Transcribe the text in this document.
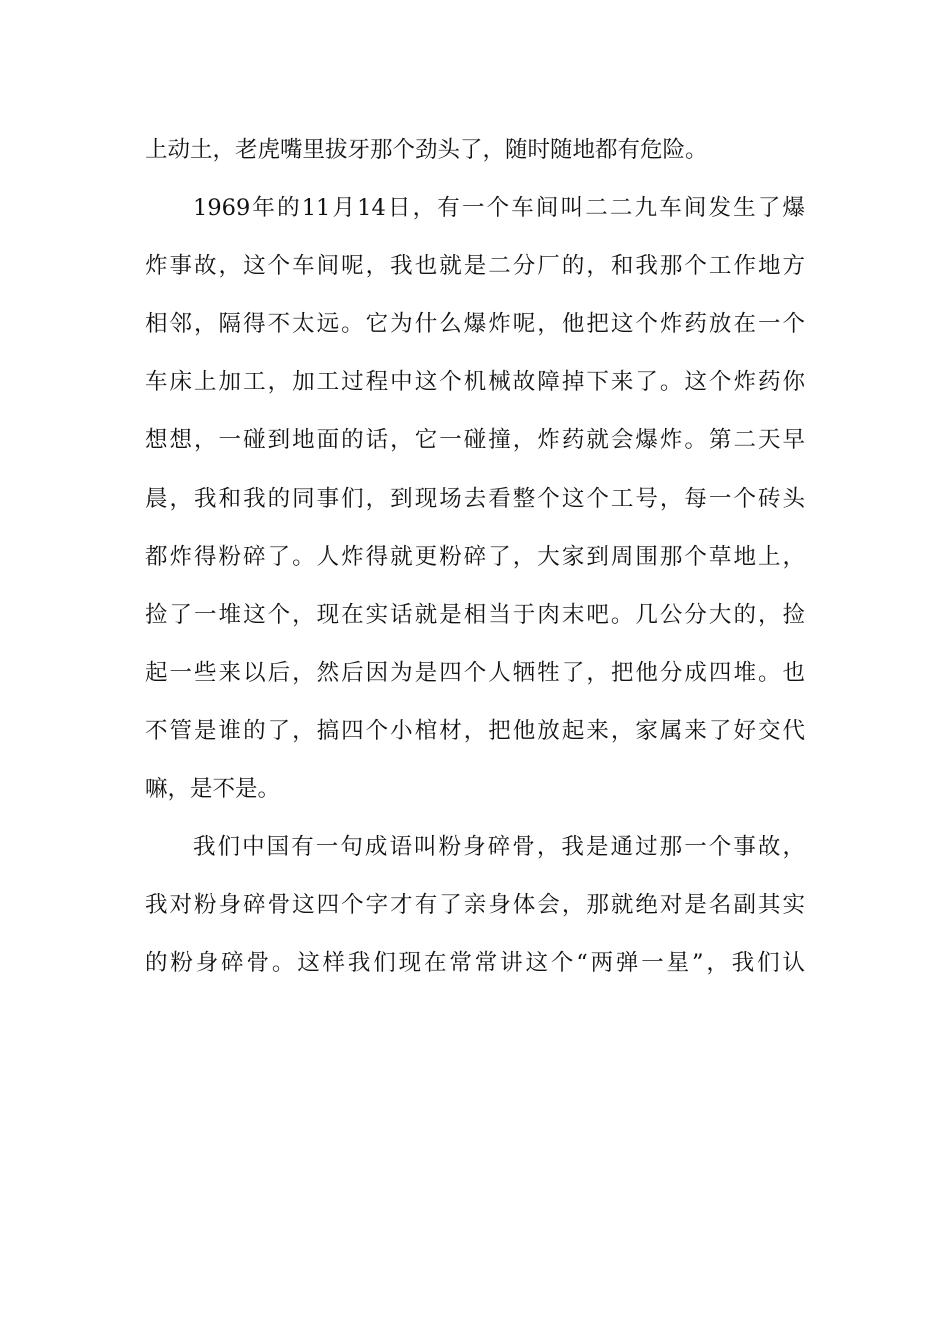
上动土，老虎嘴里拔牙那个劲头了，随时随地都有危险。
1969年的11月14日，有一个车间叫二二九车间发生了爆
炸事故，这个车间呢，我也就是二分厂的，和我那个工作地方
相邻，隔得不太远。它为什么爆炸呢，他把这个炸药放在一个
车床上加工，加工过程中这个机械故障掉下来了。这个炸药你
想想，一碰到地面的话，它一碰撞，炸药就会爆炸。第二天早
晨，我和我的同事们，到现场去看整个这个工号，每一个砖头
都炸得粉碎了。人炸得就更粉碎了，大家到周围那个草地上，
捡了一堆这个，现在实话就是相当于肉末吧。几公分大的，捡
起一些来以后，然后因为是四个人牺牲了，把他分成四堆。也
不管是谁的了，搞四个小棺材，把他放起来，家属来了好交代
嘛，是不是。
我们中国有一句成语叫粉身碎骨，我是通过那一个事故，
我对粉身碎骨这四个字才有了亲身体会，那就绝对是名副其实
的粉身碎骨。这样我们现在常常讲这个“两弹一星”，我们认
